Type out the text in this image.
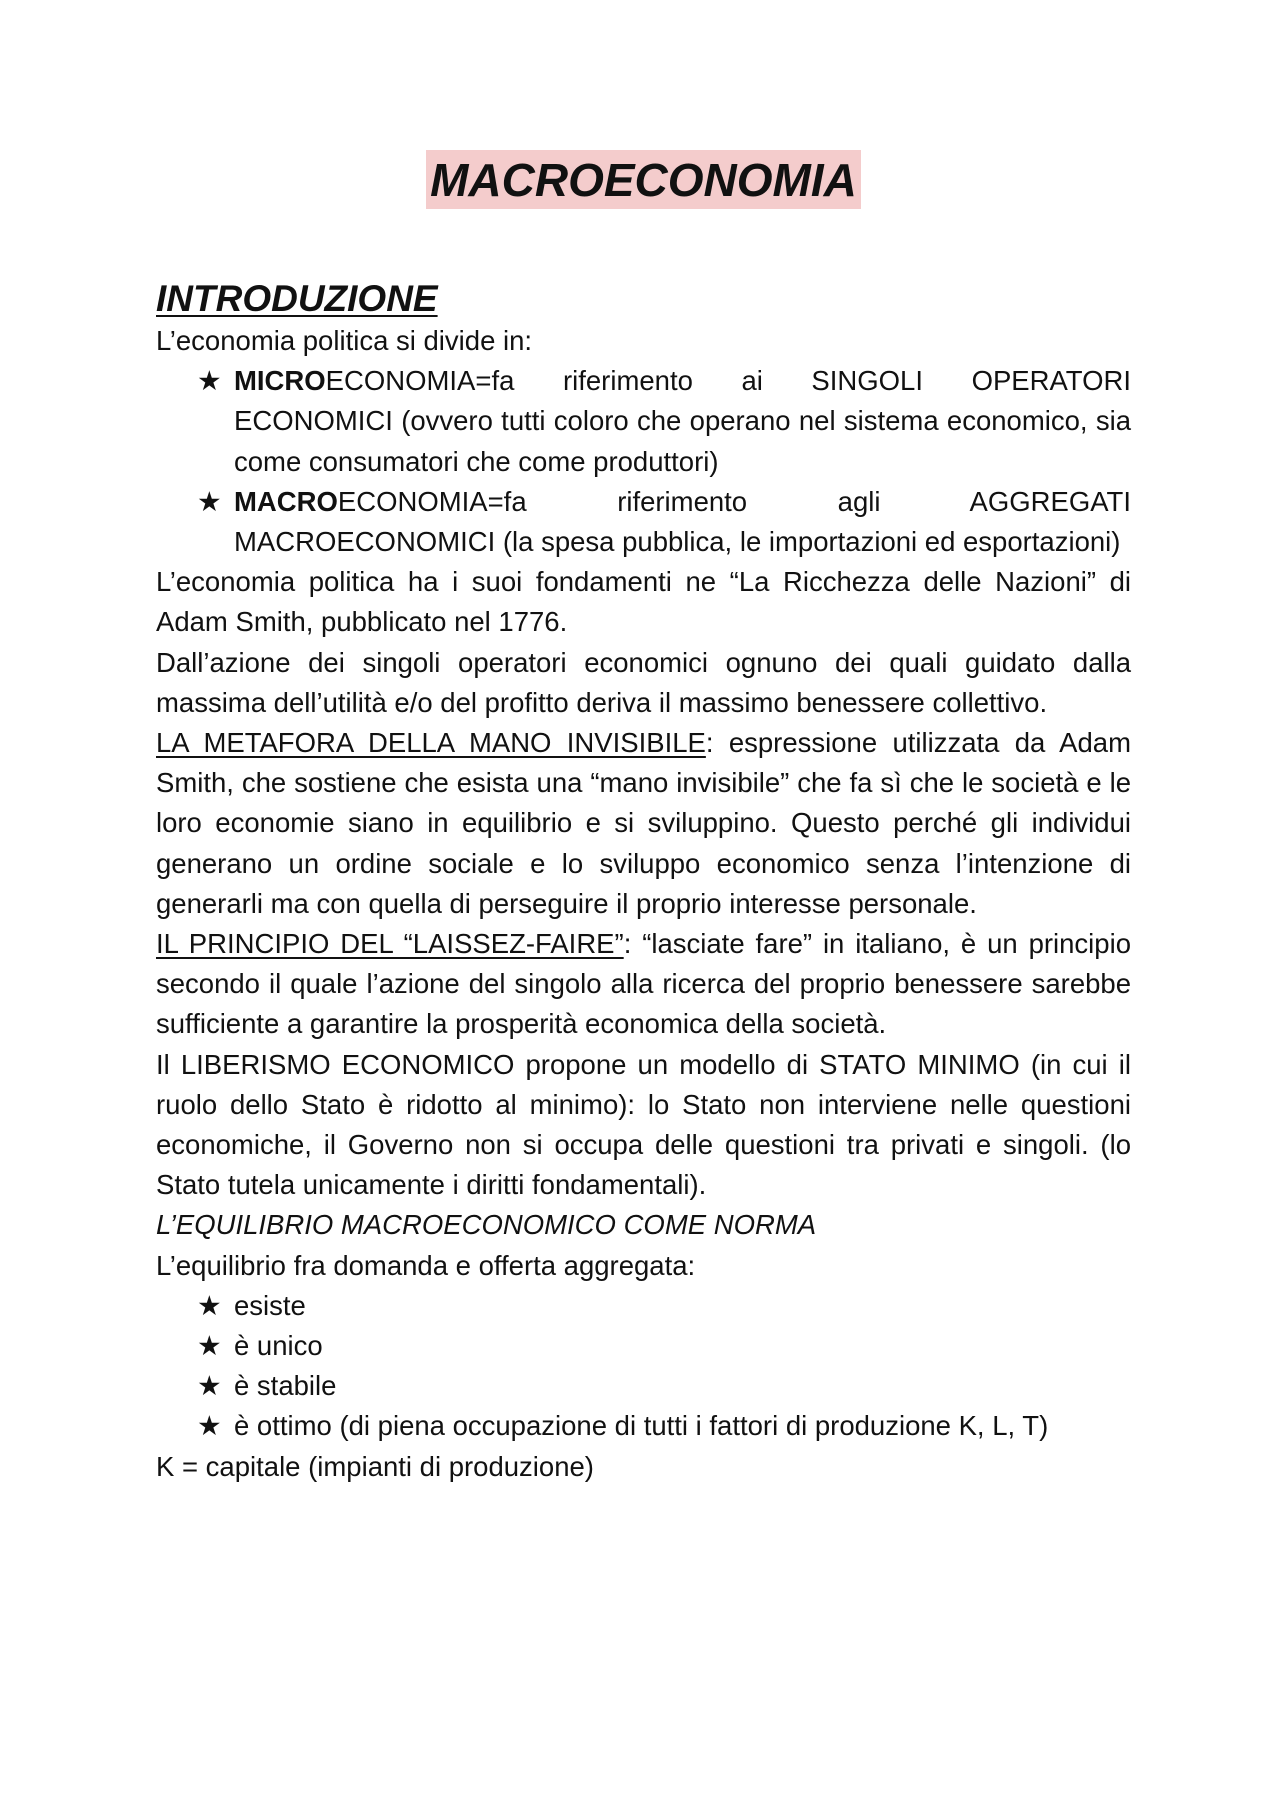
MACROECONOMIA
INTRODUZIONE

L’economia politica si divide in:

★ MICROECONOMIA=fa riferimento ai SINGOLI OPERATORI ECONOMICI (ovvero tutti coloro che operano nel sistema economico, sia come consumatori che come produttori)
★ MACROECONOMIA=fa riferimento agli AGGREGATI MACROECONOMICI (la spesa pubblica, le importazioni ed esportazioni)

L’economia politica ha i suoi fondamenti ne “La Ricchezza delle Nazioni” di Adam Smith, pubblicato nel 1776.

Dall’azione dei singoli operatori economici ognuno dei quali guidato dalla massima dell’utilità e/o del profitto deriva il massimo benessere collettivo.

LA METAFORA DELLA MANO INVISIBILE: espressione utilizzata da Adam Smith, che sostiene che esista una “mano invisibile” che fa sì che le società e le loro economie siano in equilibrio e si sviluppino. Questo perché gli individui generano un ordine sociale e lo sviluppo economico senza l’intenzione di generarli ma con quella di perseguire il proprio interesse personale.

IL PRINCIPIO DEL “LAISSEZ-FAIRE”: “lasciate fare” in italiano, è un principio secondo il quale l’azione del singolo alla ricerca del proprio benessere sarebbe sufficiente a garantire la prosperità economica della società.

Il LIBERISMO ECONOMICO propone un modello di STATO MINIMO (in cui il ruolo dello Stato è ridotto al minimo): lo Stato non interviene nelle questioni economiche, il Governo non si occupa delle questioni tra privati e singoli. (lo Stato tutela unicamente i diritti fondamentali).

L’EQUILIBRIO MACROECONOMICO COME NORMA

L’equilibrio fra domanda e offerta aggregata:

★ esiste
★ è unico
★ è stabile
★ è ottimo (di piena occupazione di tutti i fattori di produzione K, L, T)

K = capitale (impianti di produzione)
